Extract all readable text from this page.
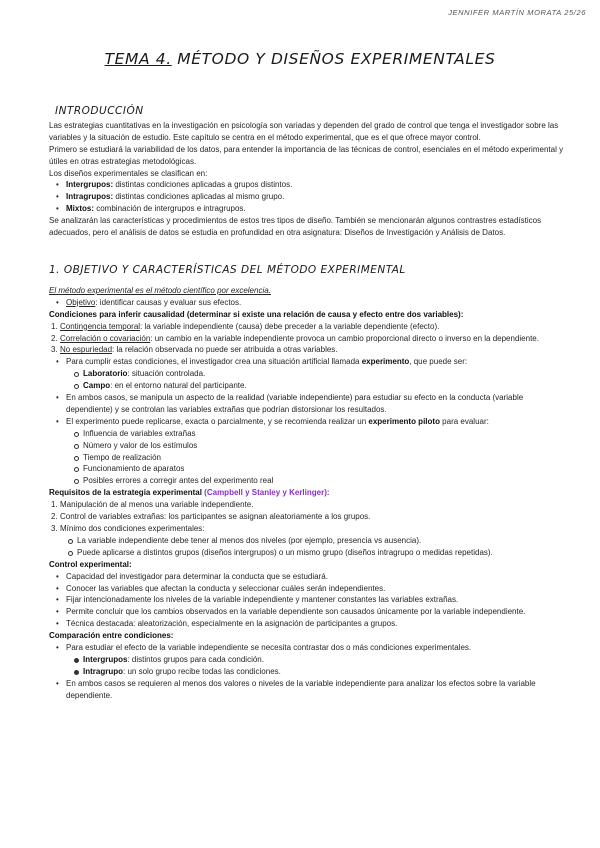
JENNIFER MARTÍN MORATA 25/26
TEMA 4. MÉTODO Y DISEÑOS EXPERIMENTALES
INTRODUCCIÓN

Las estrategias cuantitativas en la investigación en psicología son variadas y dependen del grado de control que tenga el investigador sobre las variables y la situación de estudio. Este capítulo se centra en el método experimental, que es el que ofrece mayor control.

Primero se estudiará la variabilidad de los datos, para entender la importancia de las técnicas de control, esenciales en el método experimental y útiles en otras estrategias metodológicas.

Los diseños experimentales se clasifican en:

• Intergrupos: distintas condiciones aplicadas a grupos distintos.
• Intragrupos: distintas condiciones aplicadas al mismo grupo.
• Mixtos: combinación de intergrupos e intragrupos.

Se analizarán las características y procedimientos de estos tres tipos de diseño. También se mencionarán algunos contrastres estadísticos adecuados, pero el análisis de datos se estudia en profundidad en otra asignatura: Diseños de Investigación y Análisis de Datos.

1. OBJETIVO Y CARACTERÍSTICAS DEL MÉTODO EXPERIMENTAL

El método experimental es el método científico por excelencia.

• Objetivo: identificar causas y evaluar sus efectos.

Condiciones para inferir causalidad (determinar si existe una relación de causa y efecto entre dos variables):

1. Contingencia temporal: la variable independiente (causa) debe preceder a la variable dependiente (efecto).
2. Correlación o covariación: un cambio en la variable independiente provoca un cambio proporcional directo o inverso en la dependiente.
3. No espuriedad: la relación observada no puede ser atribuida a otras variables.
• Para cumplir estas condiciones, el investigador crea una situación artificial llamada experimento, que puede ser:
Laboratorio: situación controlada.
Campo: en el entorno natural del participante.
• En ambos casos, se manipula un aspecto de la realidad (variable independiente) para estudiar su efecto en la conducta (variable dependiente) y se controlan las variables extrañas que podrían distorsionar los resultados.
• El experimento puede replicarse, exacta o parcialmente, y se recomienda realizar un experimento piloto para evaluar:
Influencia de variables extrañas
Número y valor de los estímulos
Tiempo de realización
Funcionamiento de aparatos
Posibles errores a corregir antes del experimento real

Requisitos de la estrategia experimental (Campbell y Stanley y Kerlinger):

1. Manipulación de al menos una variable independiente.
2. Control de variables extrañas: los participantes se asignan aleatoriamente a los grupos.
3. Mínimo dos condiciones experimentales:
La variable independiente debe tener al menos dos niveles (por ejemplo, presencia vs ausencia).
Puede aplicarse a distintos grupos (diseños intergrupos) o un mismo grupo (diseños intragrupo o medidas repetidas).

Control experimental:

• Capacidad del investigador para determinar la conducta que se estudiará.
• Conocer las variables que afectan la conducta y seleccionar cuáles serán independientes.
• Fijar intencionadamente los niveles de la variable independiente y mantener constantes las variables extrañas.
• Permite concluir que los cambios observados en la variable dependiente son causados únicamente por la variable independiente.
• Técnica destacada: aleatorización, especialmente en la asignación de participantes a grupos.

Comparación entre condiciones:

• Para estudiar el efecto de la variable independiente se necesita contrastar dos o más condiciones experimentales.
Intergrupos: distintos grupos para cada condición.
Intragrupo: un solo grupo recibe todas las condiciones.
• En ambos casos se requieren al menos dos valores o niveles de la variable independiente para analizar los efectos sobre la variable dependiente.
